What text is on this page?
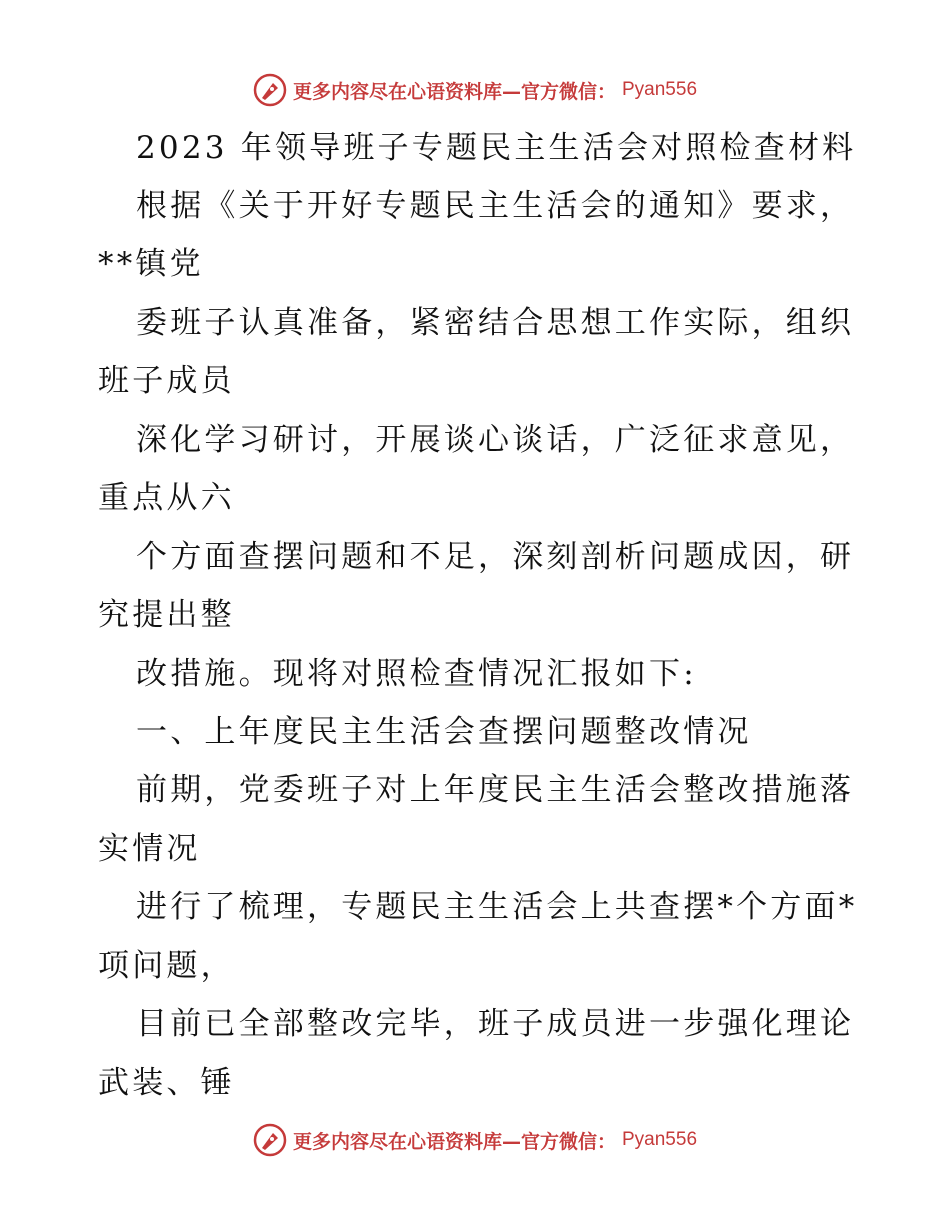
更多内容尽在心语资料库—官方微信： Pyan556
2023 年领导班子专题民主生活会对照检查材料
根据《关于开好专题民主生活会的通知》要求，
**镇党
委班子认真准备，紧密结合思想工作实际，组织
班子成员
深化学习研讨，开展谈心谈话，广泛征求意见，
重点从六
个方面查摆问题和不足，深刻剖析问题成因，研
究提出整
改措施。现将对照检查情况汇报如下:
一、上年度民主生活会查摆问题整改情况
前期，党委班子对上年度民主生活会整改措施落
实情况
进行了梳理，专题民主生活会上共查摆*个方面*
项问题，
目前已全部整改完毕，班子成员进一步强化理论
武装、锤
更多内容尽在心语资料库—官方微信： Pyan556
